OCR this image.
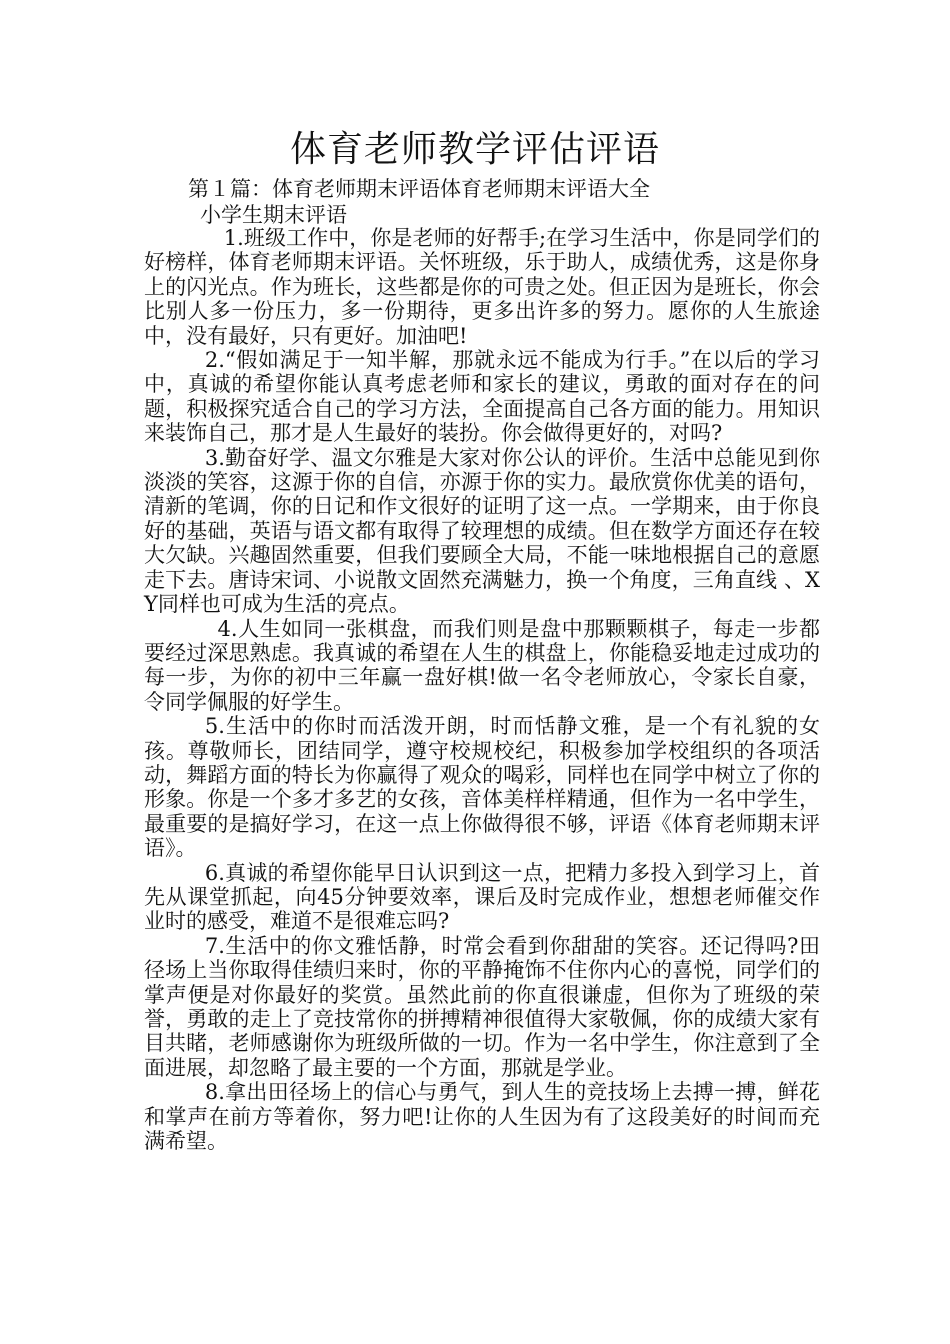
体育老师教学评估评语

第１篇：体育老师期末评语体育老师期末评语大全

小学生期末评语

1.班级工作中，你是老师的好帮手;在学习生活中，你是同学们的好榜样，体育老师期末评语。关怀班级，乐于助人，成绩优秀，这是你身上的闪光点。作为班长，这些都是你的可贵之处。但正因为是班长，你会比别人多一份压力，多一份期待，更多出许多的努力。愿你的人生旅途中，没有最好，只有更好。加油吧!

2.“假如满足于一知半解，那就永远不能成为行手。”在以后的学习中，真诚的希望你能认真考虑老师和家长的建议，勇敢的面对存在的问题，积极探究适合自己的学习方法，全面提高自己各方面的能力。用知识来装饰自己，那才是人生最好的装扮。你会做得更好的，对吗?

3.勤奋好学、温文尔雅是大家对你公认的评价。生活中总能见到你淡淡的笑容，这源于你的自信，亦源于你的实力。最欣赏你优美的语句，清新的笔调，你的日记和作文很好的证明了这一点。一学期来，由于你良好的基础，英语与语文都有取得了较理想的成绩。但在数学方面还存在较大欠缺。兴趣固然重要，但我们要顾全大局，不能一味地根据自己的意愿走下去。唐诗宋词、小说散文固然充满魅力，换一个角度，三角直线 、XY同样也可成为生活的亮点。

4.人生如同一张棋盘，而我们则是盘中那颗颗棋子，每走一步都要经过深思熟虑。我真诚的希望在人生的棋盘上，你能稳妥地走过成功的每一步，为你的初中三年赢一盘好棋!做一名令老师放心，令家长自豪，令同学佩服的好学生。

5.生活中的你时而活泼开朗，时而恬静文雅，是一个有礼貌的女孩。尊敬师长，团结同学，遵守校规校纪，积极参加学校组织的各项活动，舞蹈方面的特长为你赢得了观众的喝彩，同样也在同学中树立了你的形象。你是一个多才多艺的女孩，音体美样样精通，但作为一名中学生，最重要的是搞好学习，在这一点上你做得很不够，评语《体育老师期末评语》。

6.真诚的希望你能早日认识到这一点，把精力多投入到学习上，首先从课堂抓起，向45分钟要效率，课后及时完成作业，想想老师催交作业时的感受，难道不是很难忘吗?

7.生活中的你文雅恬静，时常会看到你甜甜的笑容。还记得吗?田径场上当你取得佳绩归来时，你的平静掩饰不住你内心的喜悦，同学们的掌声便是对你最好的奖赏。虽然此前的你直很谦虚，但你为了班级的荣誉，勇敢的走上了竞技常你的拼搏精神很值得大家敬佩，你的成绩大家有目共睹，老师感谢你为班级所做的一切。作为一名中学生，你注意到了全面进展，却忽略了最主要的一个方面，那就是学业。

8.拿出田径场上的信心与勇气，到人生的竞技场上去搏一搏，鲜花和掌声在前方等着你，努力吧!让你的人生因为有了这段美好的时间而充满希望。
